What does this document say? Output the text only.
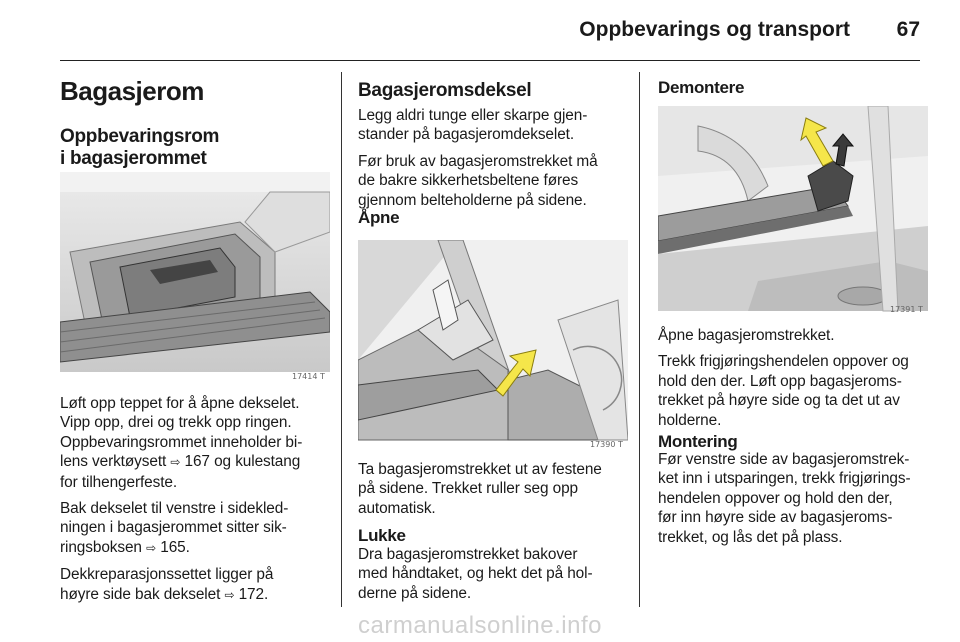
Oppbevarings og transport	67
Bagasjerom
Oppbevaringsrom
i bagasjerommet
17414 T

Løft opp teppet for å åpne dekselet.
Vipp opp, drei og trekk opp ringen.
Oppbevaringsrommet inneholder bi-
lens verktøysett ⇨ 167 og kulestang
for tilhengerfeste.

Bak dekselet til venstre i sidekled-
ningen i bagasjerommet sitter sik-
ringsboksen ⇨ 165.

Dekkreparasjonssettet ligger på
høyre side bak dekselet ⇨ 172.

Bagasjeromsdeksel

Legg aldri tunge eller skarpe gjen-
stander på bagasjeromdekselet.

Før bruk av bagasjeromstrekket må
de bakre sikkerhetsbeltene føres
gjennom belteholderne på sidene.

Åpne
17390 T

Ta bagasjeromstrekket ut av festene
på sidene. Trekket ruller seg opp
automatisk.

Lukke

Dra bagasjeromstrekket bakover
med håndtaket, og hekt det på hol-
derne på sidene.

Demontere
17391 T

Åpne bagasjeromstrekket.

Trekk frigjøringshendelen oppover og
hold den der. Løft opp bagasjeroms-
trekket på høyre side og ta det ut av
holderne.

Montering

Før venstre side av bagasjeromstrek-
ket inn i utsparingen, trekk frigjørings-
hendelen oppover og hold den der,
før inn høyre side av bagasjeroms-
trekket, og lås det på plass.

carmanualsonline.info
